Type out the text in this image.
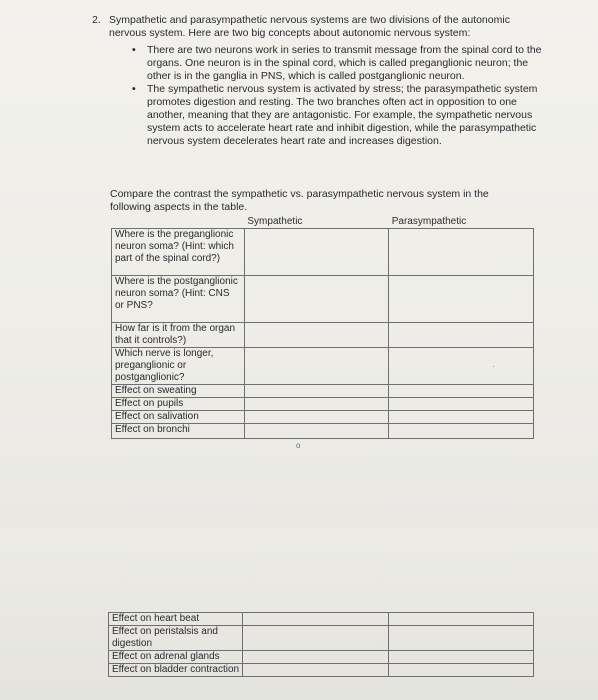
2. Sympathetic and parasympathetic nervous systems are two divisions of the autonomic nervous system. Here are two big concepts about autonomic nervous system:
• There are two neurons work in series to transmit message from the spinal cord to the organs. One neuron is in the spinal cord, which is called preganglionic neuron; the other is in the ganglia in PNS, which is called postganglionic neuron.
• The sympathetic nervous system is activated by stress; the parasympathetic system promotes digestion and resting. The two branches often act in opposition to one another, meaning that they are antagonistic. For example, the sympathetic nervous system acts to accelerate heart rate and inhibit digestion, while the parasympathetic nervous system decelerates heart rate and increases digestion.
Compare the contrast the sympathetic vs. parasympathetic nervous system in the following aspects in the table.
	Sympathetic	Parasympathetic
Where is the preganglionic neuron soma? (Hint: which part of the spinal cord?)		
Where is the postganglionic neuron soma? (Hint: CNS or PNS?		
How far is it from the organ that it controls?)		
Which nerve is longer, preganglionic or postganglionic?		
Effect on sweating		
Effect on pupils		
Effect on salivation		
Effect on bronchi		
o
·
·
Effect on heart beat		
Effect on peristalsis and digestion		
Effect on adrenal glands		
Effect on bladder contraction		
